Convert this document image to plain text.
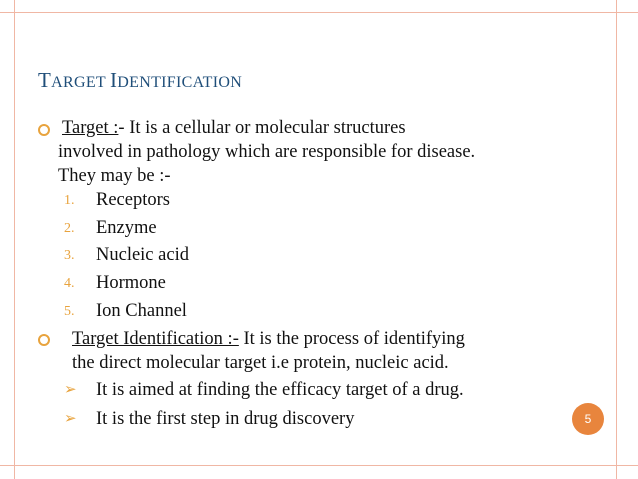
TARGET IDENTIFICATION
Target :- It is a cellular or molecular structures
involved in pathology which are responsible for disease.
They may be :-
1. Receptors
2. Enzyme
3. Nucleic acid
4. Hormone
5. Ion Channel
Target Identification :- It is the process of identifying
the direct molecular target i.e protein, nucleic acid.
➢ It is aimed at finding the efficacy target of a drug.
➢ It is the first step in drug discovery	5
